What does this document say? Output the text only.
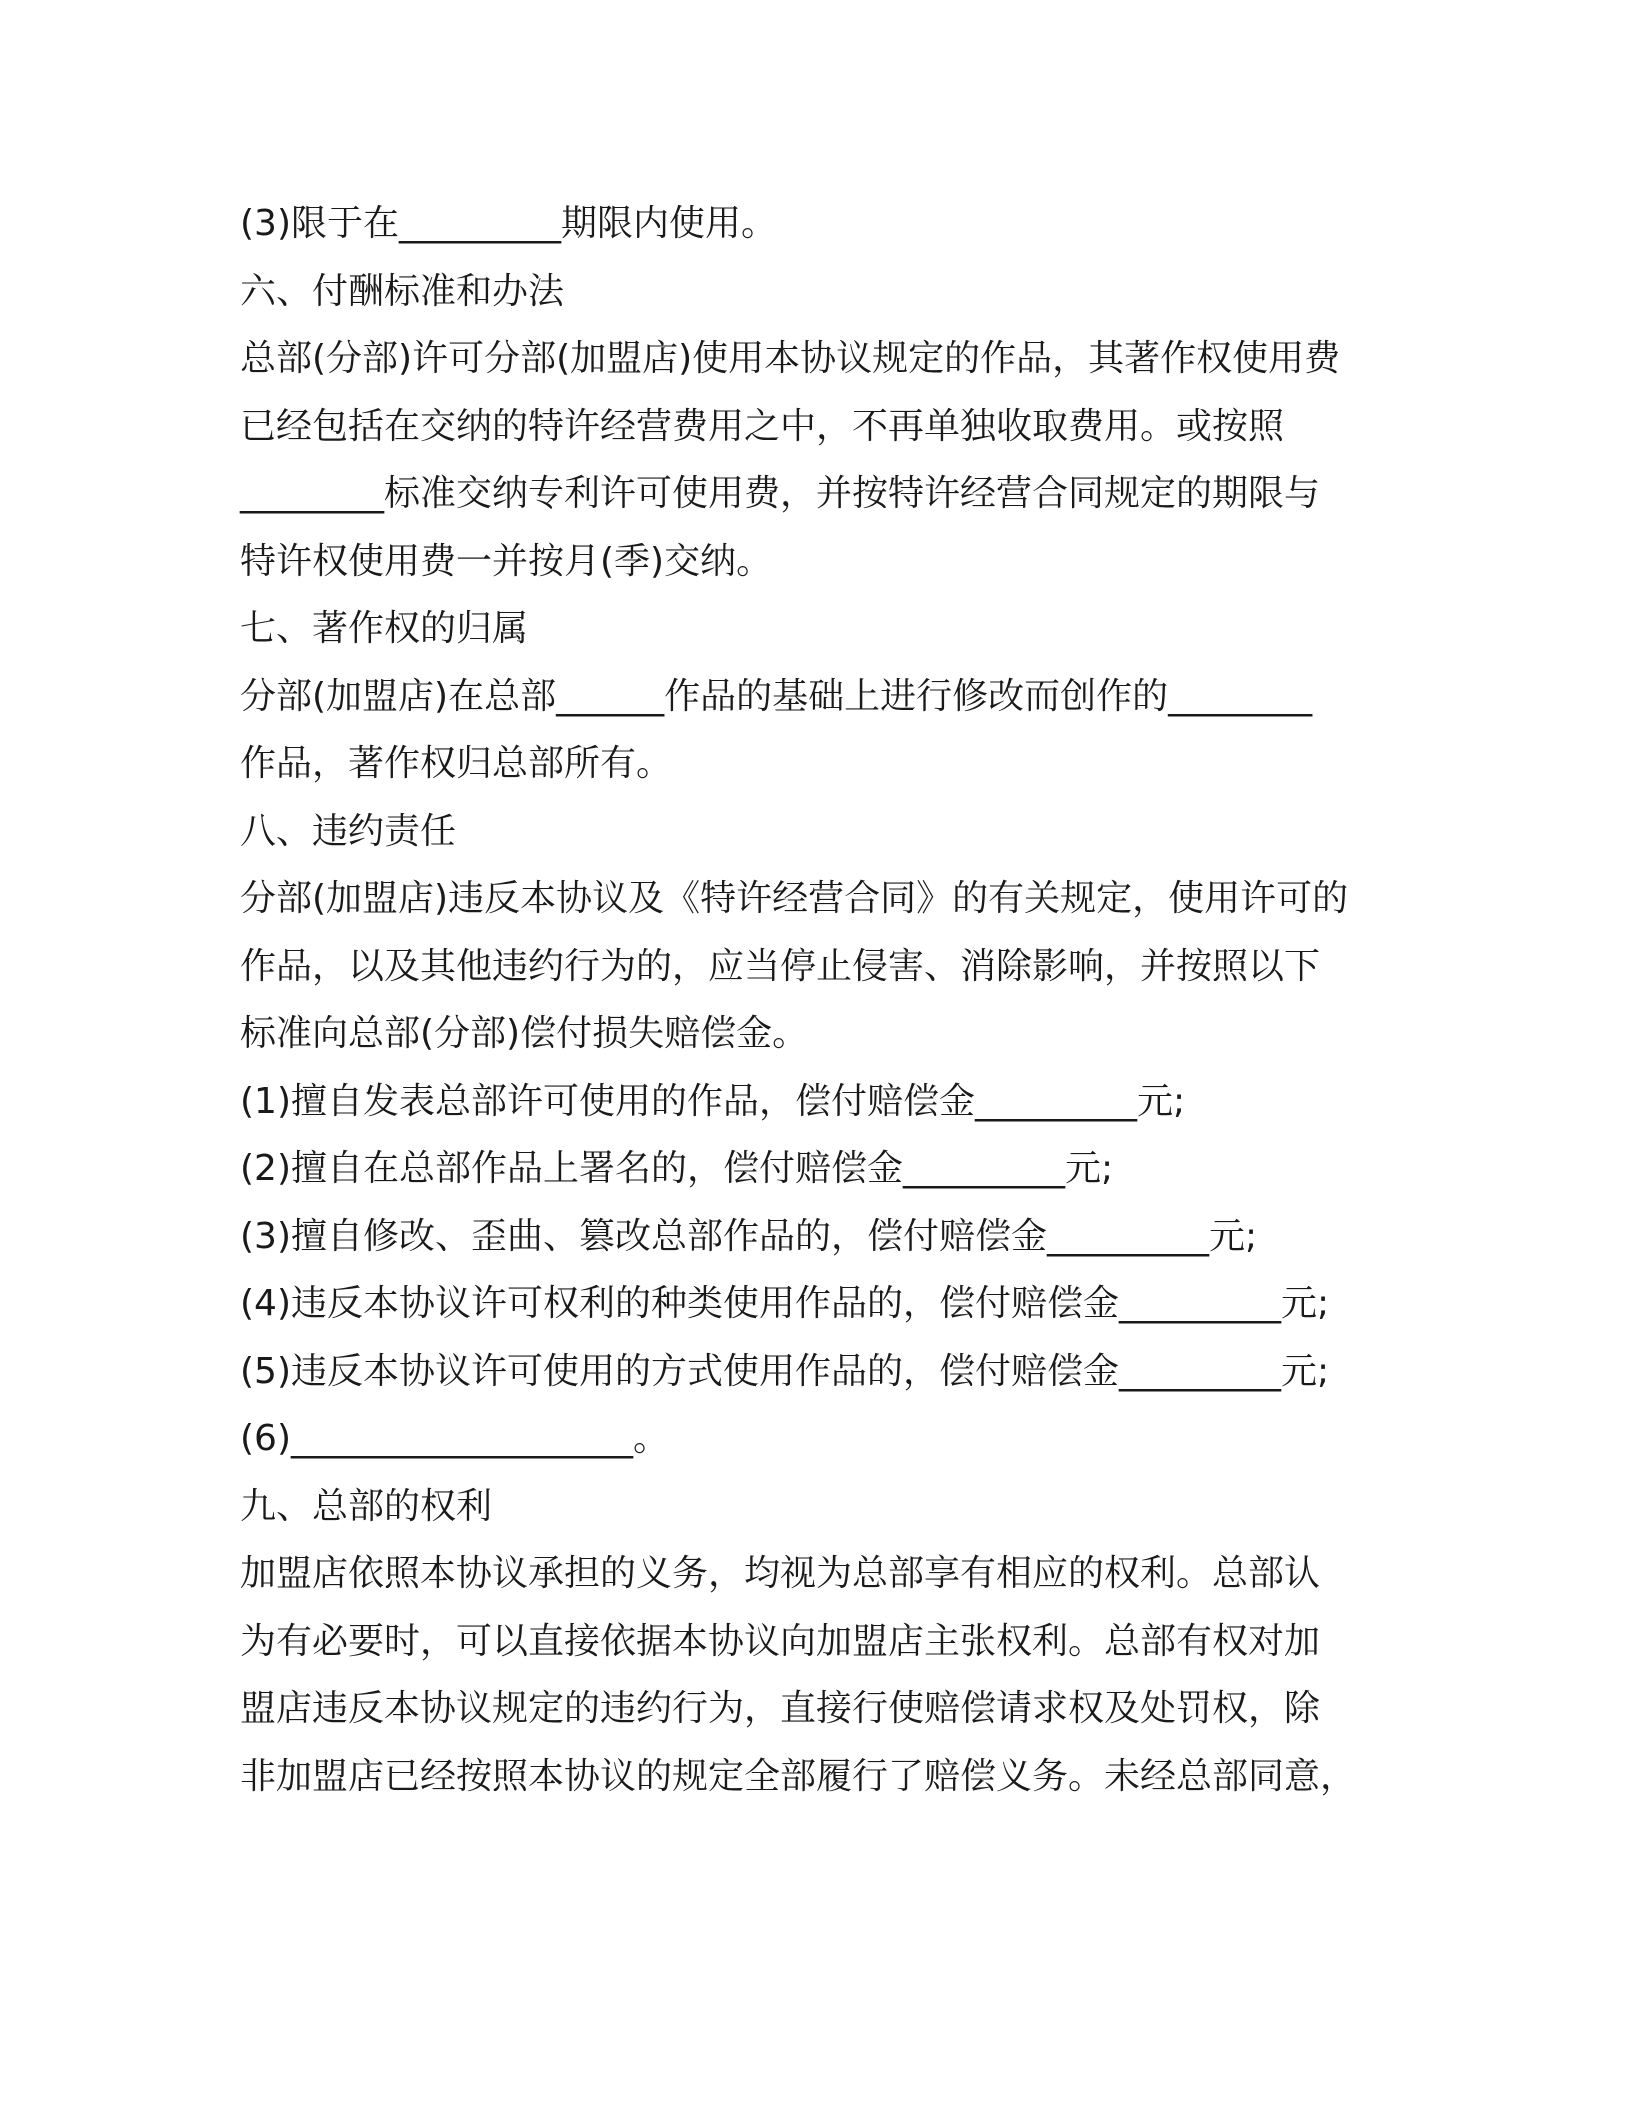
(3)限于在_________期限内使用。
六、付酬标准和办法
总部(分部)许可分部(加盟店)使用本协议规定的作品，其著作权使用费
已经包括在交纳的特许经营费用之中，不再单独收取费用。或按照
________标准交纳专利许可使用费，并按特许经营合同规定的期限与
特许权使用费一并按月(季)交纳。
七、著作权的归属
分部(加盟店)在总部______作品的基础上进行修改而创作的________
作品，著作权归总部所有。
八、违约责任
分部(加盟店)违反本协议及《特许经营合同》的有关规定，使用许可的
作品，以及其他违约行为的，应当停止侵害、消除影响，并按照以下
标准向总部(分部)偿付损失赔偿金。
(1)擅自发表总部许可使用的作品，偿付赔偿金_________元;
(2)擅自在总部作品上署名的，偿付赔偿金_________元;
(3)擅自修改、歪曲、篡改总部作品的，偿付赔偿金_________元;
(4)违反本协议许可权利的种类使用作品的，偿付赔偿金_________元;
(5)违反本协议许可使用的方式使用作品的，偿付赔偿金_________元;
(6)___________________。
九、总部的权利
加盟店依照本协议承担的义务，均视为总部享有相应的权利。总部认
为有必要时，可以直接依据本协议向加盟店主张权利。总部有权对加
盟店违反本协议规定的违约行为，直接行使赔偿请求权及处罚权，除
非加盟店已经按照本协议的规定全部履行了赔偿义务。未经总部同意，
